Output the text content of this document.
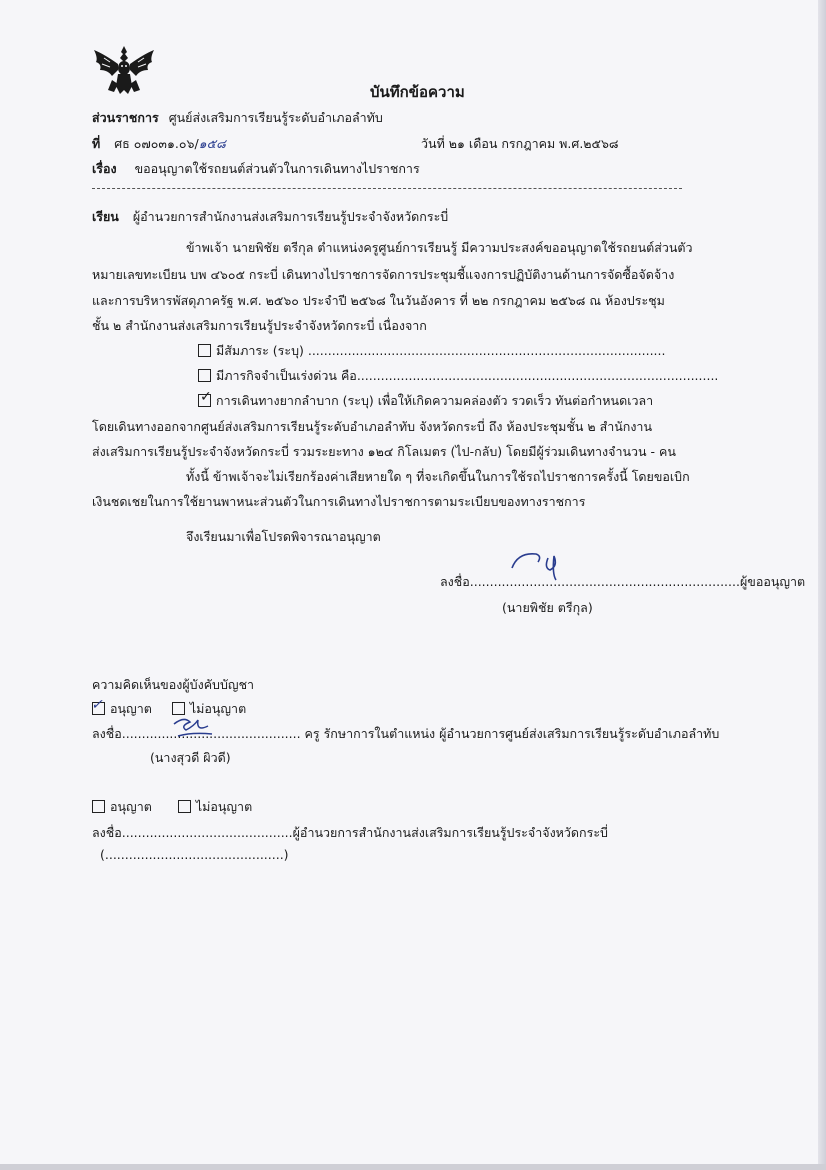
บันทึกข้อความ
ส่วนราชการ ศูนย์ส่งเสริมการเรียนรู้ระดับอำเภอลำทับ
ที่ ศธ ๐๗๐๓๑.๐๖/๑๕๘	วันที่ ๒๑ เดือน กรกฎาคม พ.ศ.๒๕๖๘
เรื่อง ขออนุญาตใช้รถยนต์ส่วนตัวในการเดินทางไปราชการ
เรียน ผู้อำนวยการสำนักงานส่งเสริมการเรียนรู้ประจำจังหวัดกระบี่
ข้าพเจ้า นายพิชัย ตรีกุล ตำแหน่งครูศูนย์การเรียนรู้ มีความประสงค์ขออนุญาตใช้รถยนต์ส่วนตัว
หมายเลขทะเบียน บพ ๔๖๐๕ กระบี่ เดินทางไปราชการจัดการประชุมชี้แจงการปฏิบัติงานด้านการจัดซื้อจัดจ้าง
และการบริหารพัสดุภาครัฐ พ.ศ. ๒๕๖๐ ประจำปี ๒๕๖๘ ในวันอังคาร ที่ ๒๒ กรกฎาคม ๒๕๖๘ ณ ห้องประชุม
ชั้น ๒ สำนักงานส่งเสริมการเรียนรู้ประจำจังหวัดกระบี่ เนื่องจาก
มีสัมภาระ (ระบุ) ..........................................................................................
มีภารกิจจำเป็นเร่งด่วน คือ...........................................................................................
✓ การเดินทางยากลำบาก (ระบุ) เพื่อให้เกิดความคล่องตัว รวดเร็ว ทันต่อกำหนดเวลา
โดยเดินทางออกจากศูนย์ส่งเสริมการเรียนรู้ระดับอำเภอลำทับ จังหวัดกระบี่ ถึง ห้องประชุมชั้น ๒ สำนักงาน
ส่งเสริมการเรียนรู้ประจำจังหวัดกระบี่ รวมระยะทาง ๑๒๔ กิโลเมตร (ไป-กลับ) โดยมีผู้ร่วมเดินทางจำนวน - คน
ทั้งนี้ ข้าพเจ้าจะไม่เรียกร้องค่าเสียหายใด ๆ ที่จะเกิดขึ้นในการใช้รถไปราชการครั้งนี้ โดยขอเบิก
เงินชดเชยในการใช้ยานพาหนะส่วนตัวในการเดินทางไปราชการตามระเบียบของทางราชการ
จึงเรียนมาเพื่อโปรดพิจารณาอนุญาต
ลงชื่อ....................................................................ผู้ขออนุญาต
(นายพิชัย ตรีกุล)
ความคิดเห็นของผู้บังคับบัญชา
✓ อนุญาต	ไม่อนุญาต
ลงชื่อ............................................. ครู รักษาการในตำแหน่ง ผู้อำนวยการศูนย์ส่งเสริมการเรียนรู้ระดับอำเภอลำทับ
(นางสุวดี ผิวดี)
อนุญาต	ไม่อนุญาต
ลงชื่อ...........................................ผู้อำนวยการสำนักงานส่งเสริมการเรียนรู้ประจำจังหวัดกระบี่
(.............................................)
